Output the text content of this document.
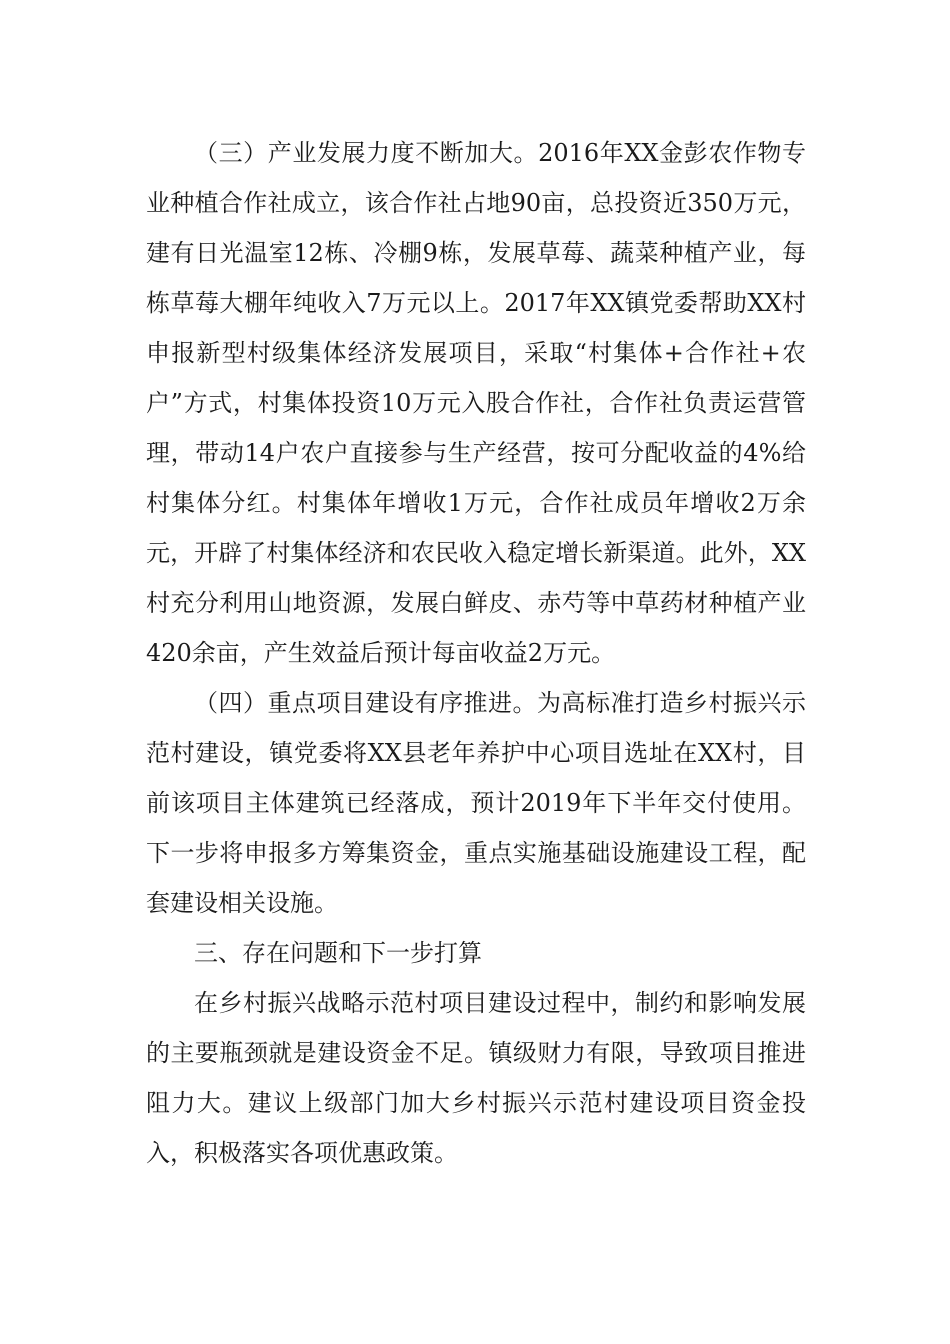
（三）产业发展力度不断加大。2016年XX金彭农作物专业种植合作社成立，该合作社占地90亩，总投资近350万元，建有日光温室12栋、冷棚9栋，发展草莓、蔬菜种植产业，每栋草莓大棚年纯收入7万元以上。2017年XX镇党委帮助XX村申报新型村级集体经济发展项目，采取“村集体+合作社+农户”方式，村集体投资10万元入股合作社，合作社负责运营管理，带动14户农户直接参与生产经营，按可分配收益的4%给村集体分红。村集体年增收1万元，合作社成员年增收2万余元，开辟了村集体经济和农民收入稳定增长新渠道。此外，XX村充分利用山地资源，发展白鲜皮、赤芍等中草药材种植产业420余亩，产生效益后预计每亩收益2万元。

（四）重点项目建设有序推进。为高标准打造乡村振兴示范村建设，镇党委将XX县老年养护中心项目选址在XX村，目前该项目主体建筑已经落成，预计2019年下半年交付使用。下一步将申报多方筹集资金，重点实施基础设施建设工程，配套建设相关设施。

三、存在问题和下一步打算

在乡村振兴战略示范村项目建设过程中，制约和影响发展的主要瓶颈就是建设资金不足。镇级财力有限，导致项目推进阻力大。建议上级部门加大乡村振兴示范村建设项目资金投入，积极落实各项优惠政策。
